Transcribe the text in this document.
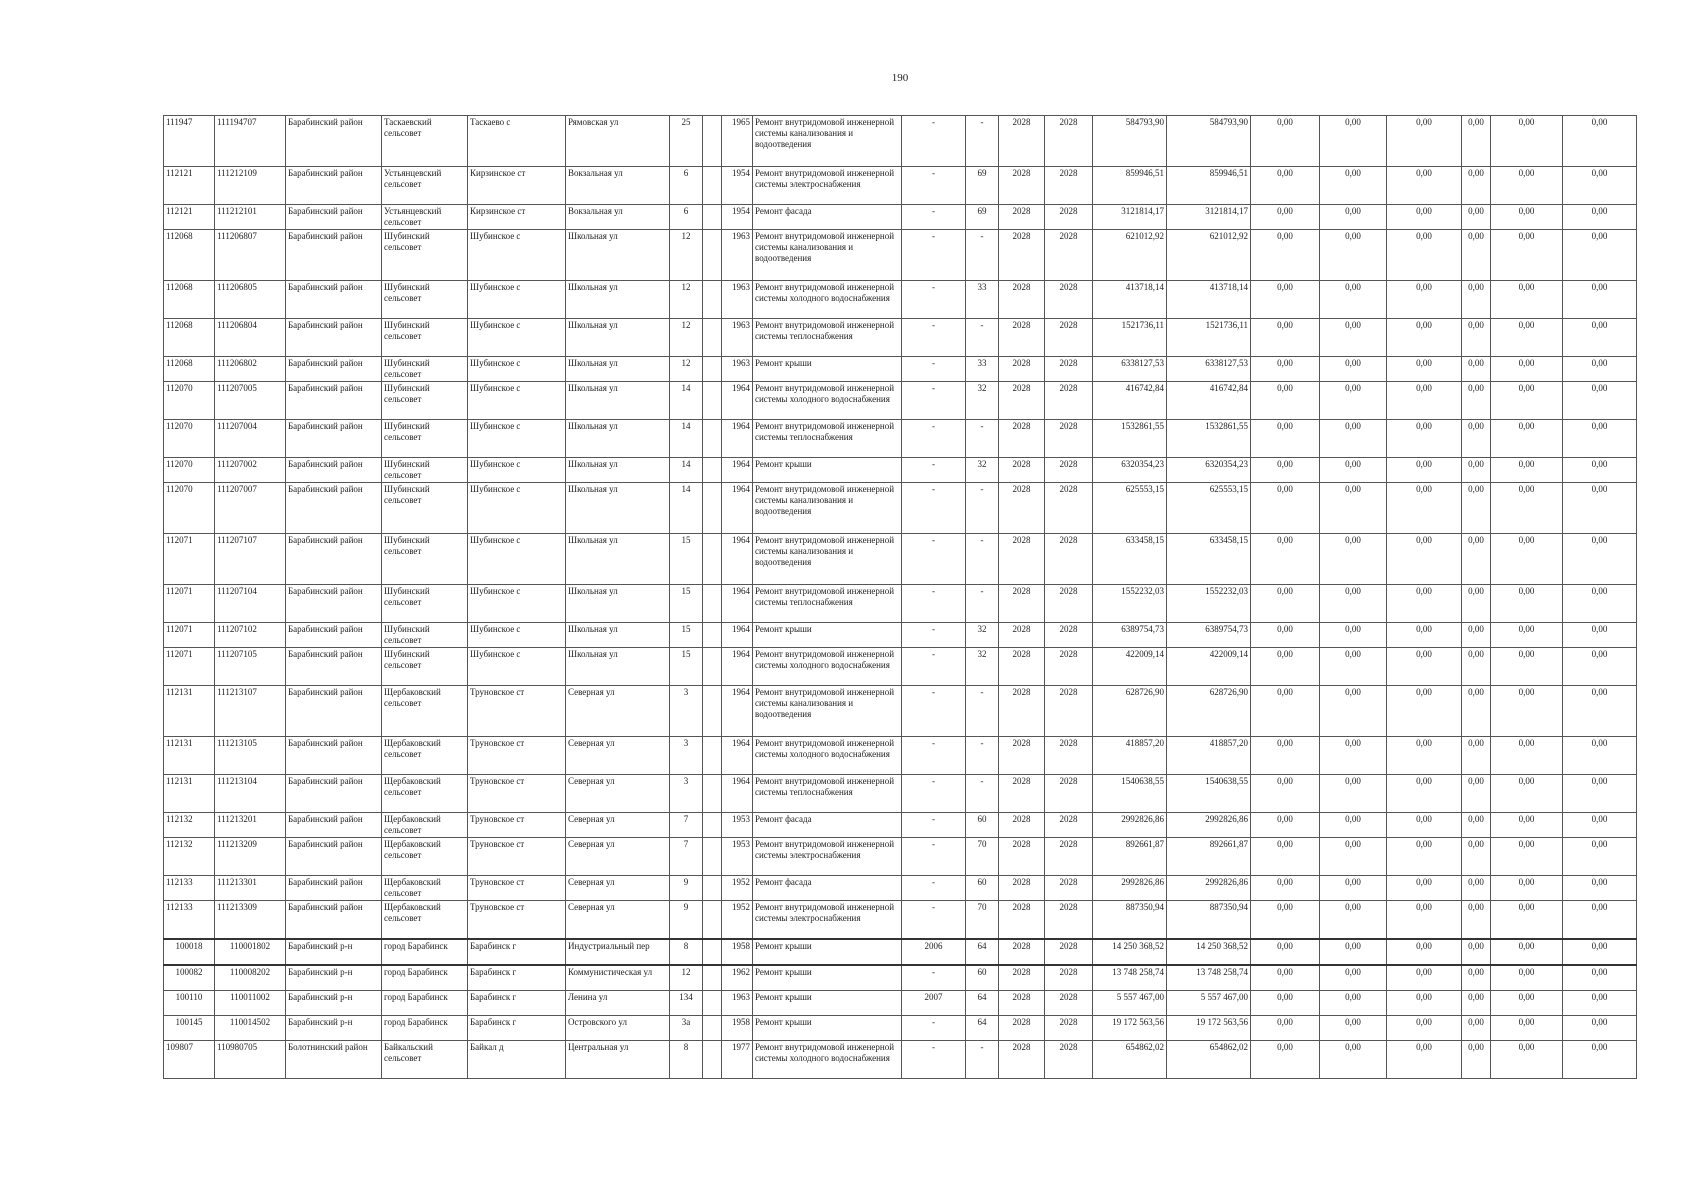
190
111947	111194707	Барабинский район	Таскаевский сельсовет	Таскаево с	Рямовская ул	25		1965	Ремонт внутридомовой инженерной системы канализования и водоотведения	-	-	2028	2028	584793,90	584793,90	0,00	0,00	0,00	0,00	0,00	0,00
112121	111212109	Барабинский район	Устьянцевский сельсовет	Кирзинское ст	Вокзальная ул	6		1954	Ремонт внутридомовой инженерной системы электроснабжения	-	69	2028	2028	859946,51	859946,51	0,00	0,00	0,00	0,00	0,00	0,00
112121	111212101	Барабинский район	Устьянцевский сельсовет	Кирзинское ст	Вокзальная ул	6		1954	Ремонт фасада	-	69	2028	2028	3121814,17	3121814,17	0,00	0,00	0,00	0,00	0,00	0,00
112068	111206807	Барабинский район	Шубинский сельсовет	Шубинское с	Школьная ул	12		1963	Ремонт внутридомовой инженерной системы канализования и водоотведения	-	-	2028	2028	621012,92	621012,92	0,00	0,00	0,00	0,00	0,00	0,00
112068	111206805	Барабинский район	Шубинский сельсовет	Шубинское с	Школьная ул	12		1963	Ремонт внутридомовой инженерной системы холодного водоснабжения	-	33	2028	2028	413718,14	413718,14	0,00	0,00	0,00	0,00	0,00	0,00
112068	111206804	Барабинский район	Шубинский сельсовет	Шубинское с	Школьная ул	12		1963	Ремонт внутридомовой инженерной системы теплоснабжения	-	-	2028	2028	1521736,11	1521736,11	0,00	0,00	0,00	0,00	0,00	0,00
112068	111206802	Барабинский район	Шубинский сельсовет	Шубинское с	Школьная ул	12		1963	Ремонт крыши	-	33	2028	2028	6338127,53	6338127,53	0,00	0,00	0,00	0,00	0,00	0,00
112070	111207005	Барабинский район	Шубинский сельсовет	Шубинское с	Школьная ул	14		1964	Ремонт внутридомовой инженерной системы холодного водоснабжения	-	32	2028	2028	416742,84	416742,84	0,00	0,00	0,00	0,00	0,00	0,00
112070	111207004	Барабинский район	Шубинский сельсовет	Шубинское с	Школьная ул	14		1964	Ремонт внутридомовой инженерной системы теплоснабжения	-	-	2028	2028	1532861,55	1532861,55	0,00	0,00	0,00	0,00	0,00	0,00
112070	111207002	Барабинский район	Шубинский сельсовет	Шубинское с	Школьная ул	14		1964	Ремонт крыши	-	32	2028	2028	6320354,23	6320354,23	0,00	0,00	0,00	0,00	0,00	0,00
112070	111207007	Барабинский район	Шубинский сельсовет	Шубинское с	Школьная ул	14		1964	Ремонт внутридомовой инженерной системы канализования и водоотведения	-	-	2028	2028	625553,15	625553,15	0,00	0,00	0,00	0,00	0,00	0,00
112071	111207107	Барабинский район	Шубинский сельсовет	Шубинское с	Школьная ул	15		1964	Ремонт внутридомовой инженерной системы канализования и водоотведения	-	-	2028	2028	633458,15	633458,15	0,00	0,00	0,00	0,00	0,00	0,00
112071	111207104	Барабинский район	Шубинский сельсовет	Шубинское с	Школьная ул	15		1964	Ремонт внутридомовой инженерной системы теплоснабжения	-	-	2028	2028	1552232,03	1552232,03	0,00	0,00	0,00	0,00	0,00	0,00
112071	111207102	Барабинский район	Шубинский сельсовет	Шубинское с	Школьная ул	15		1964	Ремонт крыши	-	32	2028	2028	6389754,73	6389754,73	0,00	0,00	0,00	0,00	0,00	0,00
112071	111207105	Барабинский район	Шубинский сельсовет	Шубинское с	Школьная ул	15		1964	Ремонт внутридомовой инженерной системы холодного водоснабжения	-	32	2028	2028	422009,14	422009,14	0,00	0,00	0,00	0,00	0,00	0,00
112131	111213107	Барабинский район	Щербаковский сельсовет	Труновское ст	Северная ул	3		1964	Ремонт внутридомовой инженерной системы канализования и водоотведения	-	-	2028	2028	628726,90	628726,90	0,00	0,00	0,00	0,00	0,00	0,00
112131	111213105	Барабинский район	Щербаковский сельсовет	Труновское ст	Северная ул	3		1964	Ремонт внутридомовой инженерной системы холодного водоснабжения	-	-	2028	2028	418857,20	418857,20	0,00	0,00	0,00	0,00	0,00	0,00
112131	111213104	Барабинский район	Щербаковский сельсовет	Труновское ст	Северная ул	3		1964	Ремонт внутридомовой инженерной системы теплоснабжения	-	-	2028	2028	1540638,55	1540638,55	0,00	0,00	0,00	0,00	0,00	0,00
112132	111213201	Барабинский район	Щербаковский сельсовет	Труновское ст	Северная ул	7		1953	Ремонт фасада	-	60	2028	2028	2992826,86	2992826,86	0,00	0,00	0,00	0,00	0,00	0,00
112132	111213209	Барабинский район	Щербаковский сельсовет	Труновское ст	Северная ул	7		1953	Ремонт внутридомовой инженерной системы электроснабжения	-	70	2028	2028	892661,87	892661,87	0,00	0,00	0,00	0,00	0,00	0,00
112133	111213301	Барабинский район	Щербаковский сельсовет	Труновское ст	Северная ул	9		1952	Ремонт фасада	-	60	2028	2028	2992826,86	2992826,86	0,00	0,00	0,00	0,00	0,00	0,00
112133	111213309	Барабинский район	Щербаковский сельсовет	Труновское ст	Северная ул	9		1952	Ремонт внутридомовой инженерной системы электроснабжения	-	70	2028	2028	887350,94	887350,94	0,00	0,00	0,00	0,00	0,00	0,00
100018	110001802	Барабинский р-н	город Барабинск	Барабинск г	Индустриальный пер	8		1958	Ремонт крыши	2006	64	2028	2028	14 250 368,52	14 250 368,52	0,00	0,00	0,00	0,00	0,00	0,00
100082	110008202	Барабинский р-н	город Барабинск	Барабинск г	Коммунистическая ул	12		1962	Ремонт крыши	-	60	2028	2028	13 748 258,74	13 748 258,74	0,00	0,00	0,00	0,00	0,00	0,00
100110	110011002	Барабинский р-н	город Барабинск	Барабинск г	Ленина ул	134		1963	Ремонт крыши	2007	64	2028	2028	5 557 467,00	5 557 467,00	0,00	0,00	0,00	0,00	0,00	0,00
100145	110014502	Барабинский р-н	город Барабинск	Барабинск г	Островского ул	3а		1958	Ремонт крыши	-	64	2028	2028	19 172 563,56	19 172 563,56	0,00	0,00	0,00	0,00	0,00	0,00
109807	110980705	Болотнинский район	Байкальский сельсовет	Байкал д	Центральная ул	8		1977	Ремонт внутридомовой инженерной системы холодного водоснабжения	-	-	2028	2028	654862,02	654862,02	0,00	0,00	0,00	0,00	0,00	0,00
